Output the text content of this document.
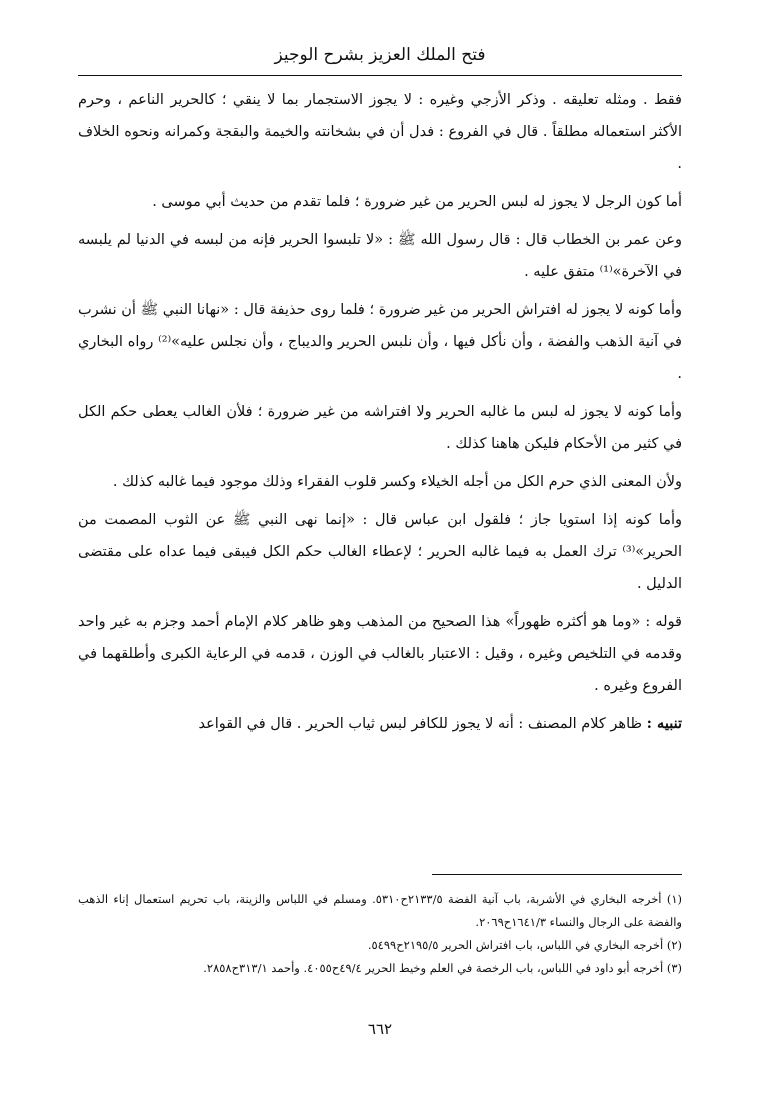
فتح الملك العزيز بشرح الوجيز

فقط . ومثله تعليقه . وذكر الأزجي وغيره : لا يجوز الاستجمار بما لا ينقي ؛ كالحرير الناعم ، وحرم الأكثر استعماله مطلقاً . قال في الفروع : فدل أن في بشخانته والخيمة والبقجة وكمرانه ونحوه الخلاف .

أما كون الرجل لا يجوز له لبس الحرير من غير ضرورة ؛ فلما تقدم من حديث أبي موسى .

وعن عمر بن الخطاب قال : قال رسول الله ﷺ : «لا تلبسوا الحرير فإنه من لبسه في الدنيا لم يلبسه في الآخرة»⁽¹⁾ متفق عليه .

وأما كونه لا يجوز له افتراش الحرير من غير ضرورة ؛ فلما روى حذيفة قال : «نهانا النبي ﷺ أن نشرب في آنية الذهب والفضة ، وأن نأكل فيها ، وأن نلبس الحرير والديباج ، وأن نجلس عليه»⁽²⁾ رواه البخاري .

وأما كونه لا يجوز له لبس ما غالبه الحرير ولا افتراشه من غير ضرورة ؛ فلأن الغالب يعطى حكم الكل في كثير من الأحكام فليكن هاهنا كذلك .

ولأن المعنى الذي حرم الكل من أجله الخيلاء وكسر قلوب الفقراء وذلك موجود فيما غالبه كذلك .

وأما كونه إذا استويا جاز ؛ فلقول ابن عباس قال : «إنما نهى النبي ﷺ عن الثوب المصمت من الحرير»⁽³⁾ ترك العمل به فيما غالبه الحرير ؛ لإعطاء الغالب حكم الكل فيبقى فيما عداه على مقتضى الدليل .

قوله : «وما هو أكثره ظهوراً» هذا الصحيح من المذهب وهو ظاهر كلام الإمام أحمد وجزم به غير واحد وقدمه في التلخيص وغيره ، وقيل : الاعتبار بالغالب في الوزن ، قدمه في الرعاية الكبرى وأطلقهما في الفروع وغيره .

تنبيه : ظاهر كلام المصنف : أنه لا يجوز للكافر لبس ثياب الحرير . قال في القواعد

(١) أخرجه البخاري في الأشربة، باب آنية الفضة ٢١٣٣/٥ح٥٣١٠. ومسلم في اللباس والزينة، باب تحريم استعمال إناء الذهب والفضة على الرجال والنساء ١٦٤١/٣ح٢٠٦٩.

(٢) أخرجه البخاري في اللباس، باب افتراش الحرير ٢١٩٥/٥ح٥٤٩٩.

(٣) أخرجه أبو داود في اللباس، باب الرخصة في العلم وخيط الحرير ٤٩/٤ح٤٠٥٥. وأحمد ٣١٣/١ح٢٨٥٨.

٦٦٢
